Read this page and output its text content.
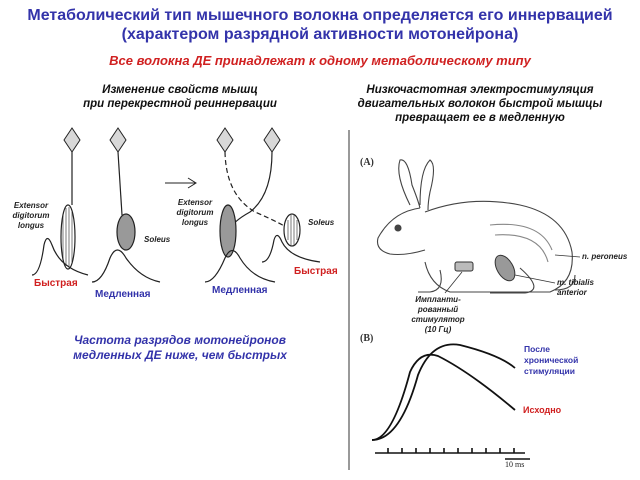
Метаболический тип мышечного волокна определяется его иннервацией
(характером разрядной активности мотонейрона)
Все волокна ДЕ принадлежат к одному метаболическому типу
Изменение свойств мышц
при перекрестной реиннервации
Низкочастотная электростимуляция
двигательных волокон быстрой мышцы
превращает ее в медленную
Extensor
digitorum
longus
Soleus
Быстрая
Медленная
Extensor
digitorum
longus	Soleus
Медленная
Быстрая
Частота разрядов мотонейронов
медленных ДЕ ниже, чем быстрых
(A)
(B)
n. peroneus
m. tibialis
anterior
Импланти-
рованный
стимулятор
(10 Гц)
После
хронической
стимуляции
Исходно
10 ms
